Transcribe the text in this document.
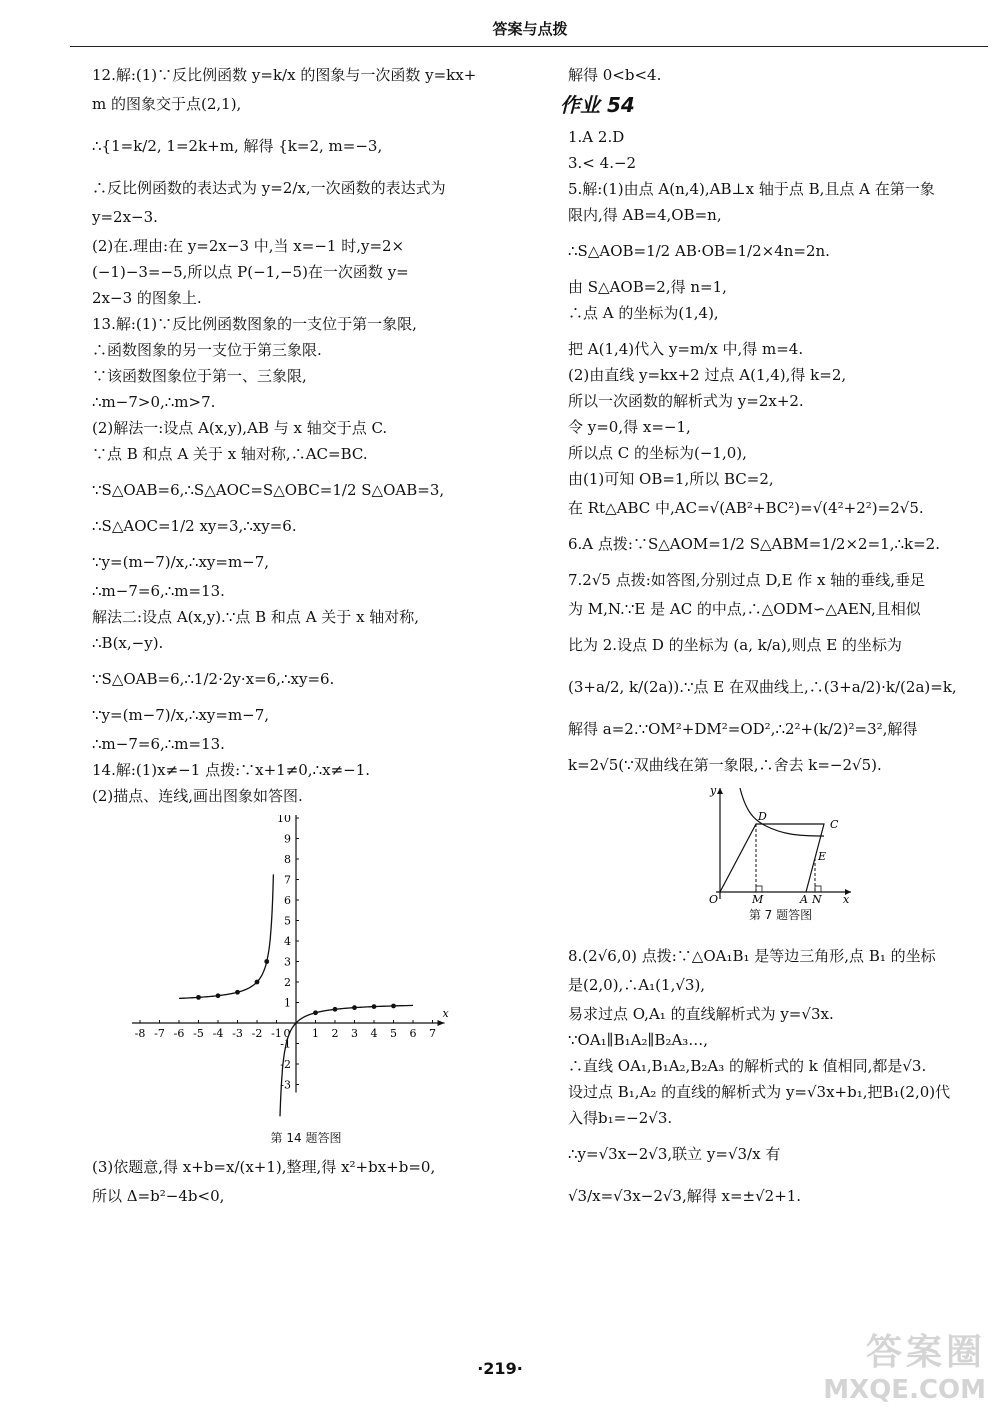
答案与点拨

12.解:(1)∵反比例函数 y=k/x 的图象与一次函数 y=kx+

m 的图象交于点(2,1),

∴{1=k/2, 1=2k+m, 解得 {k=2, m=−3,

∴反比例函数的表达式为 y=2/x,一次函数的表达式为

y=2x−3.

(2)在.理由:在 y=2x−3 中,当 x=−1 时,y=2×

(−1)−3=−5,所以点 P(−1,−5)在一次函数 y=

2x−3 的图象上.

13.解:(1)∵反比例函数图象的一支位于第一象限,

∴函数图象的另一支位于第三象限.

∵该函数图象位于第一、三象限,

∴m−7>0,∴m>7.

(2)解法一:设点 A(x,y),AB 与 x 轴交于点 C.

∵点 B 和点 A 关于 x 轴对称,∴AC=BC.

∵S△OAB=6,∴S△AOC=S△OBC=1/2 S△OAB=3,

∴S△AOC=1/2 xy=3,∴xy=6.

∵y=(m−7)/x,∴xy=m−7,

∴m−7=6,∴m=13.

解法二:设点 A(x,y).∵点 B 和点 A 关于 x 轴对称,

∴B(x,−y).

∵S△OAB=6,∴1/2·2y·x=6,∴xy=6.

∵y=(m−7)/x,∴xy=m−7,

∴m−7=6,∴m=13.

14.解:(1)x≠−1 点拨:∵x+1≠0,∴x≠−1.

(2)描点、连线,画出图象如答图.

x
-8 -7 -6 -5 -4 -3 -2 -1 0 1 2 3 4 5 6 7
10
9
8
7
6
5
4
3
2
1
-1
-2
-3
第 14 题答图

(3)依题意,得 x+b=x/(x+1),整理,得 x²+bx+b=0,

所以 Δ=b²−4b<0,

解得 0<b<4.

作业 54

1.A 2.D

3.< 4.−2

5.解:(1)由点 A(n,4),AB⊥x 轴于点 B,且点 A 在第一象

限内,得 AB=4,OB=n,

∴S△AOB=1/2 AB·OB=1/2×4n=2n.

由 S△AOB=2,得 n=1,

∴点 A 的坐标为(1,4),

把 A(1,4)代入 y=m/x 中,得 m=4.

(2)由直线 y=kx+2 过点 A(1,4),得 k=2,

所以一次函数的解析式为 y=2x+2.

令 y=0,得 x=−1,

所以点 C 的坐标为(−1,0),

由(1)可知 OB=1,所以 BC=2,

在 Rt△ABC 中,AC=√(AB²+BC²)=√(4²+2²)=2√5.

6.A 点拨:∵S△AOM=1/2 S△ABM=1/2×2=1,∴k=2.

7.2√5 点拨:如答图,分别过点 D,E 作 x 轴的垂线,垂足

为 M,N.∵E 是 AC 的中点,∴△ODM∽△AEN,且相似

比为 2.设点 D 的坐标为 (a, k/a),则点 E 的坐标为

(3+a/2, k/(2a)).∵点 E 在双曲线上,∴(3+a/2)·k/(2a)=k,

解得 a=2.∵OM²+DM²=OD²,∴2²+(k/2)²=3²,解得

k=2√5(∵双曲线在第一象限,∴舍去 k=−2√5).

y
D
C
E
O	M	A N x
第 7 题答图

8.(2√6,0) 点拨:∵△OA₁B₁ 是等边三角形,点 B₁ 的坐标

是(2,0),∴A₁(1,√3),

易求过点 O,A₁ 的直线解析式为 y=√3x.

∵OA₁∥B₁A₂∥B₂A₃…,

∴直线 OA₁,B₁A₂,B₂A₃ 的解析式的 k 值相同,都是√3.

设过点 B₁,A₂ 的直线的解析式为 y=√3x+b₁,把B₁(2,0)代

入得b₁=−2√3.

∴y=√3x−2√3,联立 y=√3/x 有

√3/x=√3x−2√3,解得 x=±√2+1.

·219·	答案圈
MXQE.COM
